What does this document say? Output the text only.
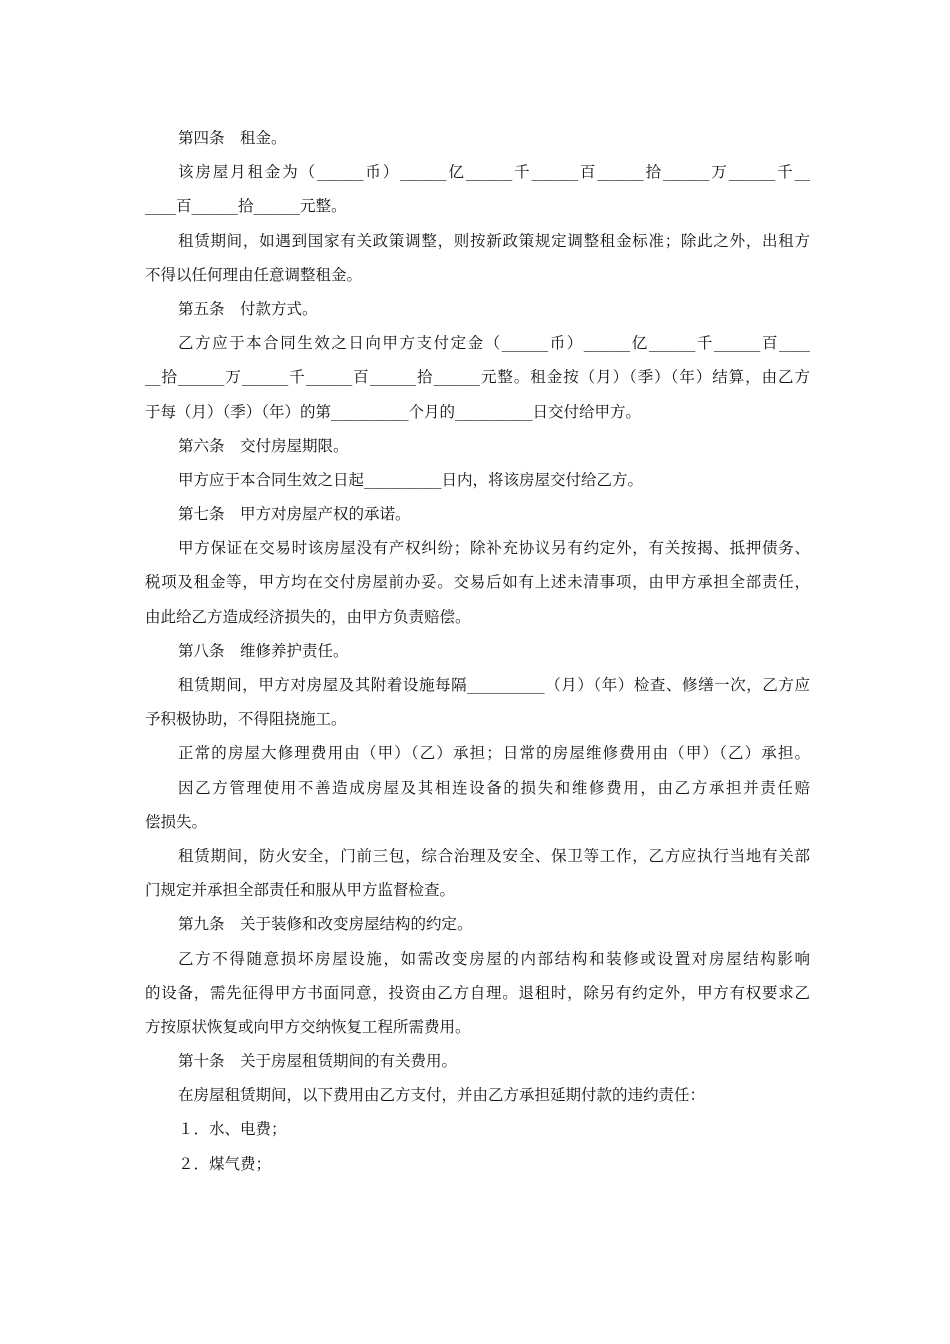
第四条　租金。
该房屋月租金为（______币）______亿______千______百______拾______万______千__
____百______拾______元整。
租赁期间，如遇到国家有关政策调整，则按新政策规定调整租金标准；除此之外，出租方
不得以任何理由任意调整租金。
第五条　付款方式。
乙方应于本合同生效之日向甲方支付定金（______币）______亿______千______百____
__拾______万______千______百______拾______元整。租金按（月）（季）（年）结算，由乙方
于每（月）（季）（年）的第__________个月的__________日交付给甲方。
第六条　交付房屋期限。
甲方应于本合同生效之日起__________日内，将该房屋交付给乙方。
第七条　甲方对房屋产权的承诺。
甲方保证在交易时该房屋没有产权纠纷；除补充协议另有约定外，有关按揭、抵押债务、
税项及租金等，甲方均在交付房屋前办妥。交易后如有上述未清事项，由甲方承担全部责任，
由此给乙方造成经济损失的，由甲方负责赔偿。
第八条　维修养护责任。
租赁期间，甲方对房屋及其附着设施每隔__________（月）（年）检查、修缮一次，乙方应
予积极协助，不得阻挠施工。
正常的房屋大修理费用由（甲）（乙）承担；日常的房屋维修费用由（甲）（乙）承担。
因乙方管理使用不善造成房屋及其相连设备的损失和维修费用，由乙方承担并责任赔
偿损失。
租赁期间，防火安全，门前三包，综合治理及安全、保卫等工作，乙方应执行当地有关部
门规定并承担全部责任和服从甲方监督检查。
第九条　关于装修和改变房屋结构的约定。
乙方不得随意损坏房屋设施，如需改变房屋的内部结构和装修或设置对房屋结构影响
的设备，需先征得甲方书面同意，投资由乙方自理。退租时，除另有约定外，甲方有权要求乙
方按原状恢复或向甲方交纳恢复工程所需费用。
第十条　关于房屋租赁期间的有关费用。
在房屋租赁期间，以下费用由乙方支付，并由乙方承担延期付款的违约责任：
１．水、电费；
２．煤气费；
